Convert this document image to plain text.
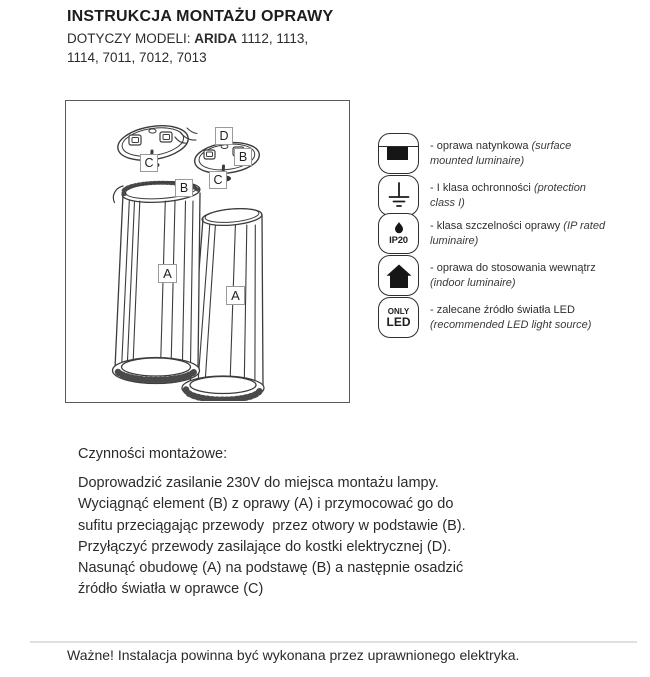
INSTRUKCJA MONTAŻU OPRAWY

DOTYCZY MODELI: ARIDA 1112, 1113, 1114, 7011, 7012, 7013

D
B
C
C
B
A
A
- oprawa natynkowa (surface mounted luminaire)
- I klasa ochronności (protection class I)
IP20
- klasa szczelności oprawy (IP rated luminaire)
- oprawa do stosowania wewnątrz (indoor luminaire)
ONLY
LED
- zalecane źródło światła LED (recommended LED light source)
Czynności montażowe:
Doprowadzić zasilanie 230V do miejsca montażu lampy.
Wyciągnąć element (B) z oprawy (A) i przymocować go do
sufitu przeciągając przewody  przez otwory w podstawie (B).
Przyłączyć przewody zasilające do kostki elektrycznej (D).
Nasunąć obudowę (A) na podstawę (B) a następnie osadzić
źródło światła w oprawce (C)

Ważne! Instalacja powinna być wykonana przez uprawnionego elektryka.
